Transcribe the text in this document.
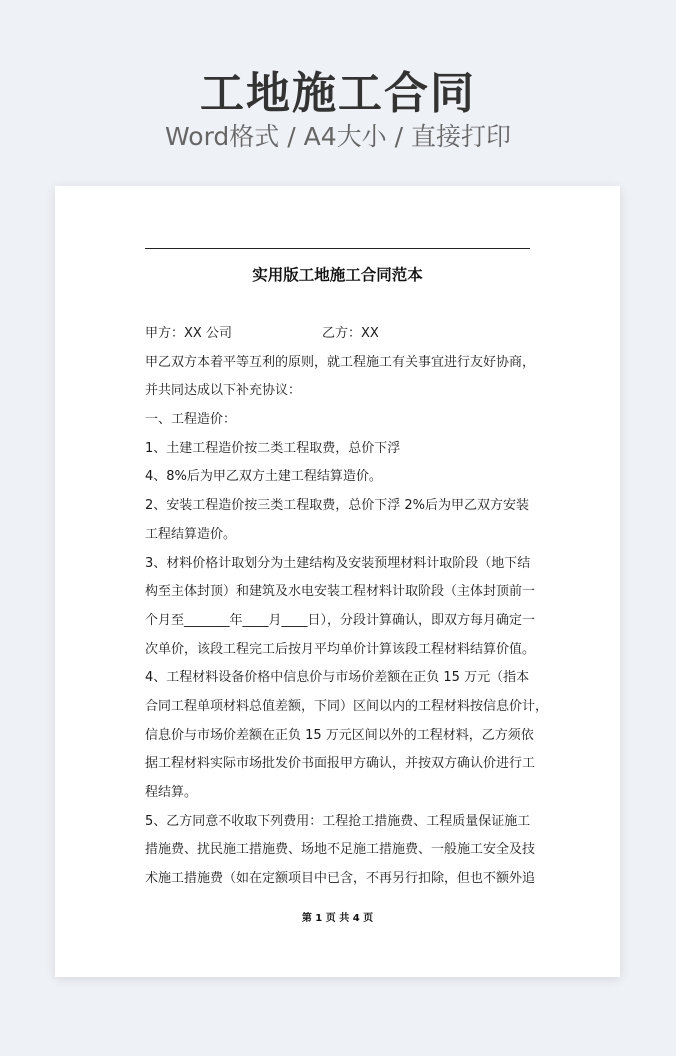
工地施工合同
Word格式 / A4大小 / 直接打印
实用版工地施工合同范本
甲方：XX 公司	乙方：XX
甲乙双方本着平等互利的原则，就工程施工有关事宜进行友好协商，
并共同达成以下补充协议：
一、工程造价：
1、土建工程造价按二类工程取费，总价下浮
4、8%后为甲乙双方土建工程结算造价。
2、安装工程造价按三类工程取费，总价下浮 2%后为甲乙双方安装
工程结算造价。
3、材料价格计取划分为土建结构及安装预埋材料计取阶段（地下结
构至主体封顶）和建筑及水电安装工程材料计取阶段（主体封顶前一
个月至_______年____月____日），分段计算确认，即双方每月确定一
次单价，该段工程完工后按月平均单价计算该段工程材料结算价值。
4、工程材料设备价格中信息价与市场价差额在正负 15 万元（指本
合同工程单项材料总值差额，下同）区间以内的工程材料按信息价计，
信息价与市场价差额在正负 15 万元区间以外的工程材料，乙方须依
据工程材料实际市场批发价书面报甲方确认，并按双方确认价进行工
程结算。
5、乙方同意不收取下列费用：工程抢工措施费、工程质量保证施工
措施费、扰民施工措施费、场地不足施工措施费、一般施工安全及技
术施工措施费（如在定额项目中已含，不再另行扣除，但也不额外追
第 1 页 共 4 页
